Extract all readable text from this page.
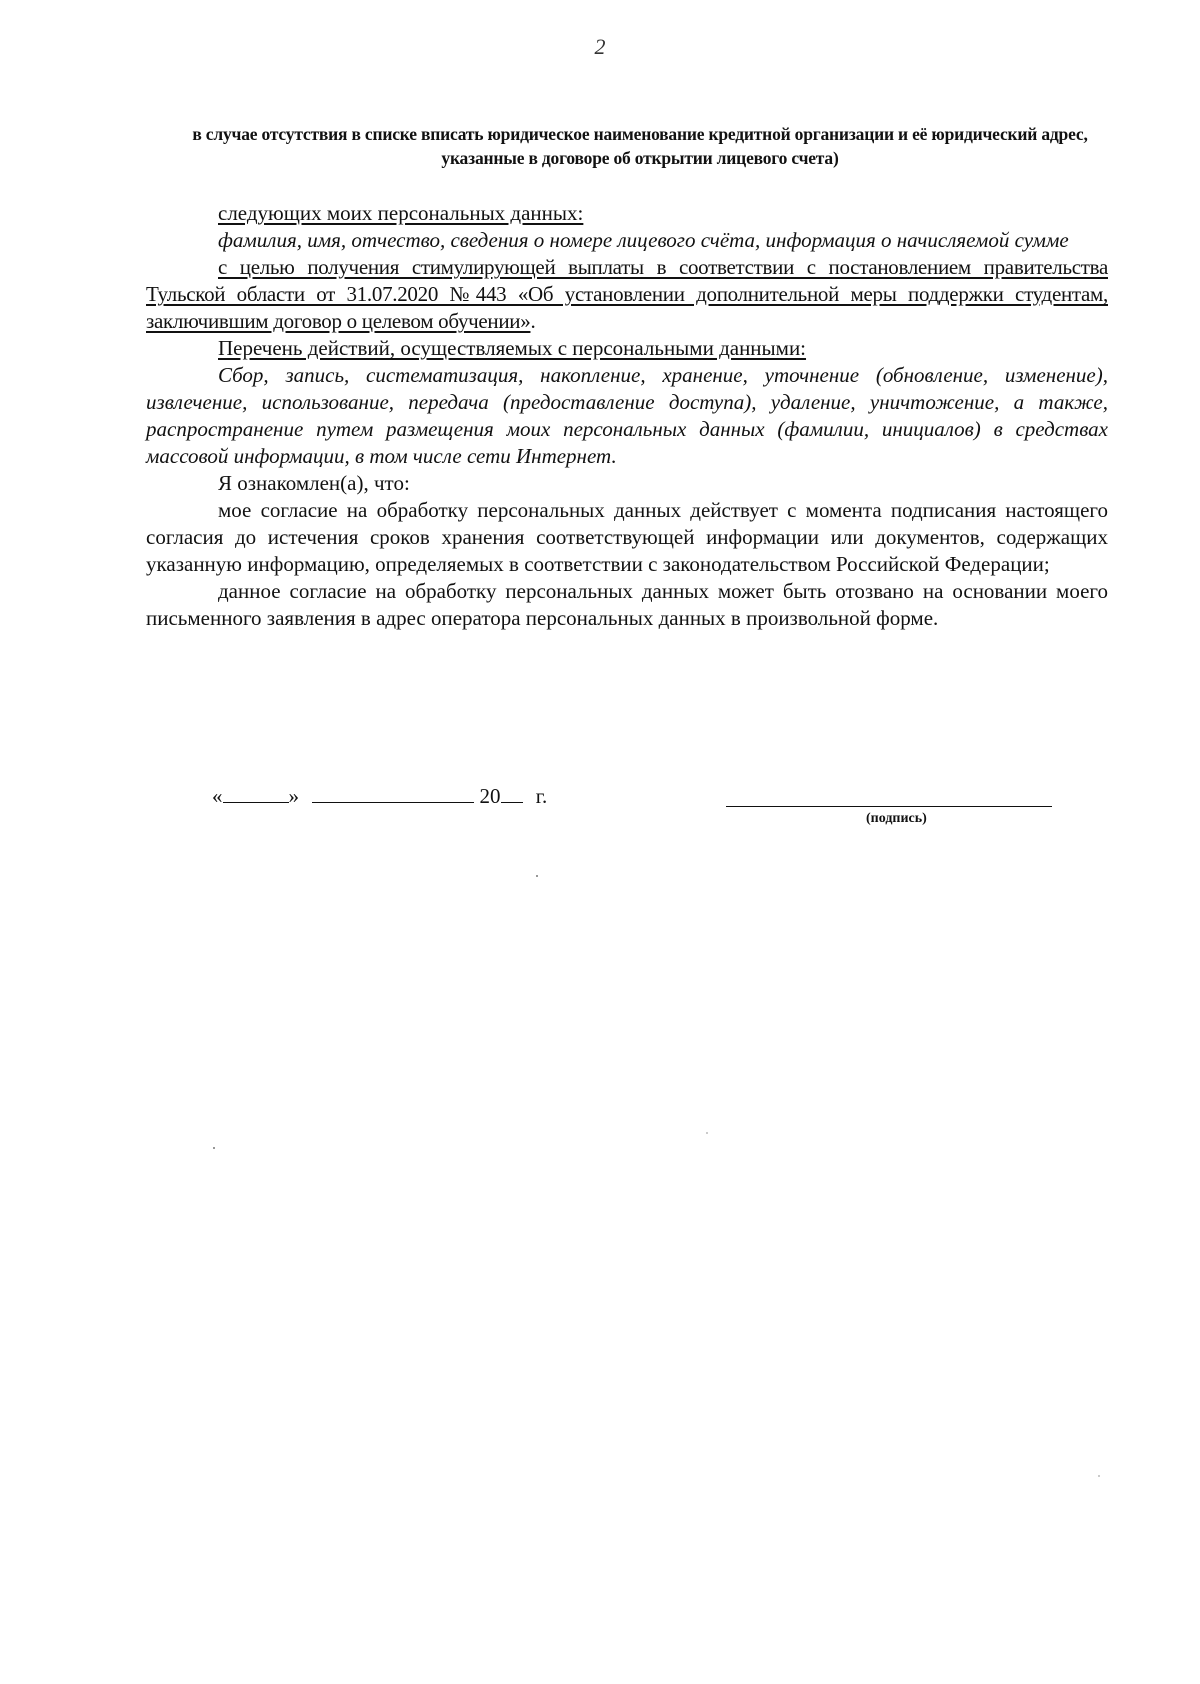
2
в случае отсутствия в списке вписать юридическое наименование кредитной организации и её юридический адрес, указанные в договоре об открытии лицевого счета)

следующих моих персональных данных:

фамилия, имя, отчество, сведения о номере лицевого счёта, информация о начисляемой сумме

с целью получения стимулирующей выплаты в соответствии с постановлением правительства Тульской области от 31.07.2020 №443 «Об установлении дополнительной меры поддержки студентам, заключившим договор о целевом обучении».

Перечень действий, осуществляемых с персональными данными:

Сбор, запись, систематизация, накопление, хранение, уточнение (обновление, изменение), извлечение, использование, передача (предоставление доступа), удаление, уничтожение, а также, распространение путем размещения моих персональных данных (фамилии, инициалов) в средствах массовой информации, в том числе сети Интернет.

Я ознакомлен(а), что:

мое согласие на обработку персональных данных действует с момента подписания настоящего согласия до истечения сроков хранения соответствующей информации или документов, содержащих указанную информацию, определяемых в соответствии с законодательством Российской Федерации;

данное согласие на обработку персональных данных может быть отозвано на основании моего письменного заявления в адрес оператора персональных данных в произвольной форме.

«	»	20 г.
(подпись)
